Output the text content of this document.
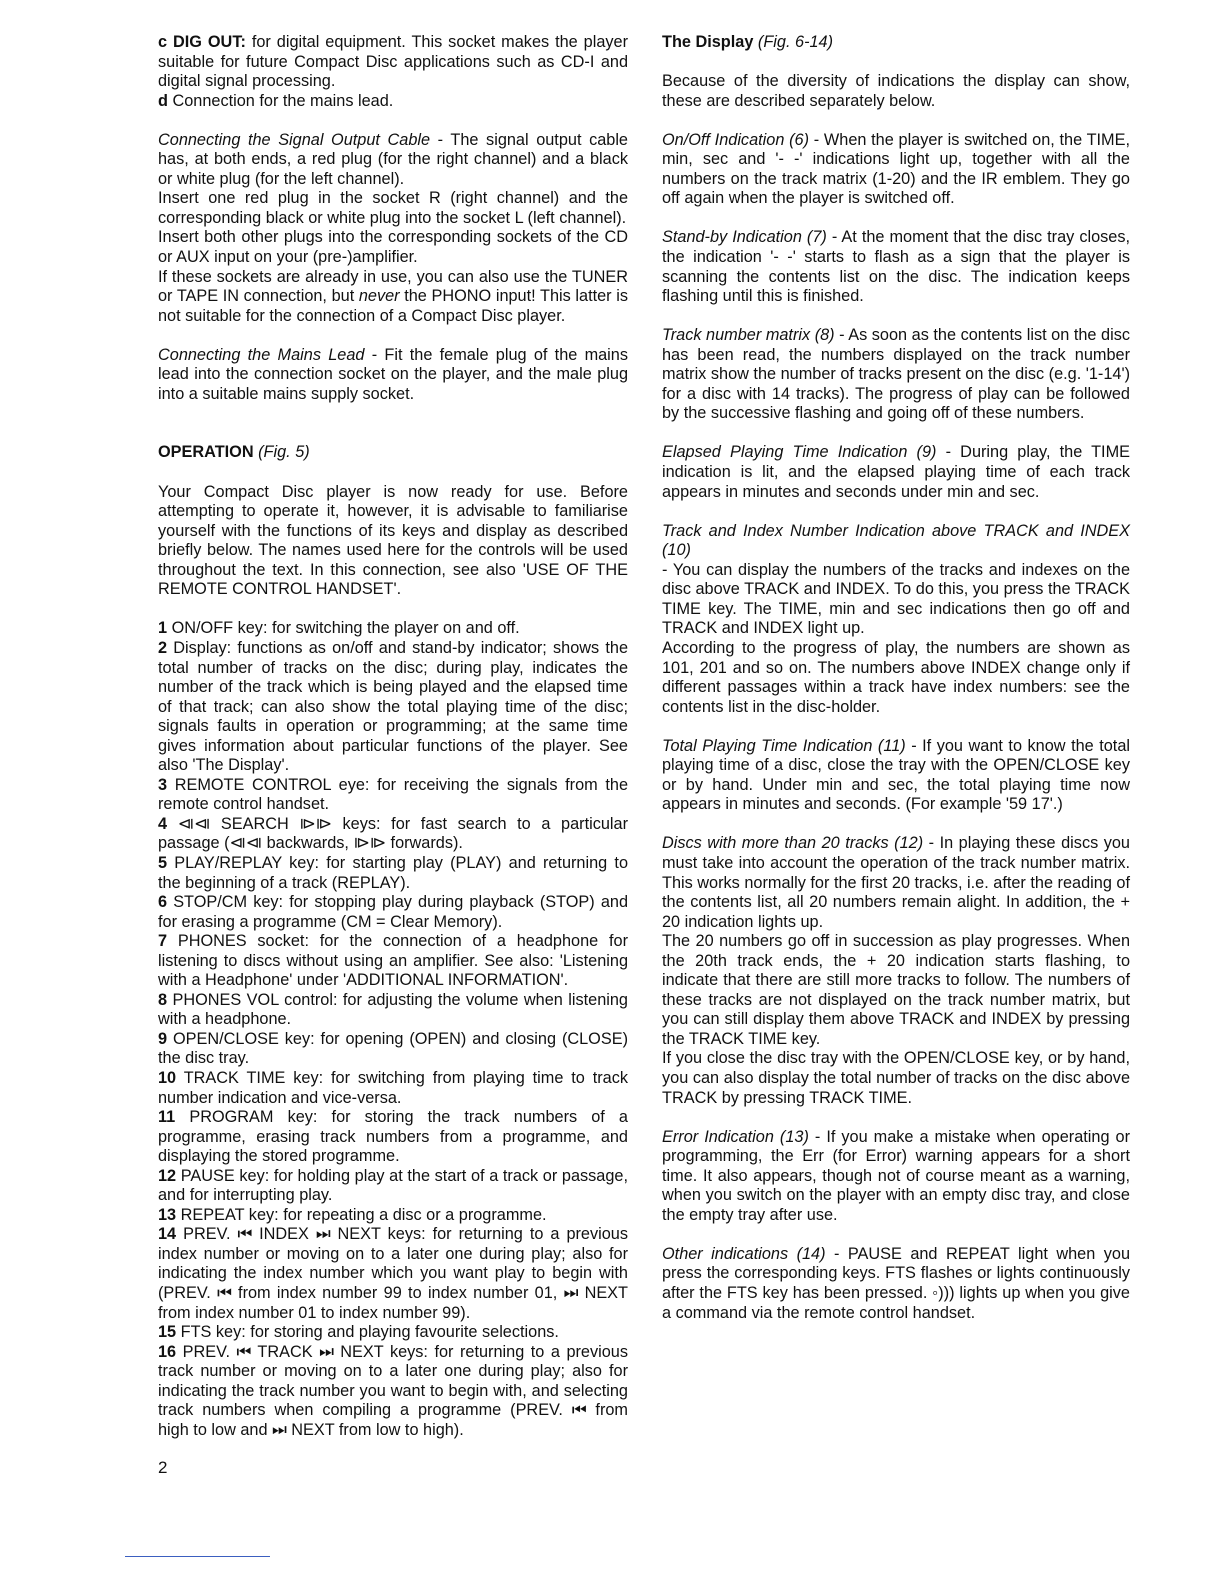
c DIG OUT: for digital equipment. This socket makes the player suitable for future Compact Disc applications such as CD-I and digital signal processing.

d Connection for the mains lead.

Connecting the Signal Output Cable - The signal output cable has, at both ends, a red plug (for the right channel) and a black or white plug (for the left channel).

Insert one red plug in the socket R (right channel) and the corresponding black or white plug into the socket L (left channel).

Insert both other plugs into the corresponding sockets of the CD or AUX input on your (pre-)amplifier.

If these sockets are already in use, you can also use the TUNER or TAPE IN connection, but never the PHONO input! This latter is not suitable for the connection of a Compact Disc player.

Connecting the Mains Lead - Fit the female plug of the mains lead into the connection socket on the player, and the male plug into a suitable mains supply socket.

OPERATION (Fig. 5)

Your Compact Disc player is now ready for use. Before attempting to operate it, however, it is advisable to familiarise yourself with the functions of its keys and display as described briefly below. The names used here for the controls will be used throughout the text. In this connection, see also 'USE OF THE REMOTE CONTROL HANDSET'.

1 ON/OFF key: for switching the player on and off.

2 Display: functions as on/off and stand-by indicator; shows the total number of tracks on the disc; during play, indicates the number of the track which is being played and the elapsed time of that track; can also show the total playing time of the disc; signals faults in operation or programming; at the same time gives information about particular functions of the player. See also 'The Display'.

3 REMOTE CONTROL eye: for receiving the signals from the remote control handset.

4 ⧏⧏ SEARCH ⧐⧐ keys: for fast search to a particular passage (⧏⧏ backwards, ⧐⧐ forwards).

5 PLAY/REPLAY key: for starting play (PLAY) and returning to the beginning of a track (REPLAY).

6 STOP/CM key: for stopping play during playback (STOP) and for erasing a programme (CM = Clear Memory).

7 PHONES socket: for the connection of a headphone for listening to discs without using an amplifier. See also: 'Listening with a Headphone' under 'ADDITIONAL INFORMATION'.

8 PHONES VOL control: for adjusting the volume when listening with a headphone.

9 OPEN/CLOSE key: for opening (OPEN) and closing (CLOSE) the disc tray.

10 TRACK TIME key: for switching from playing time to track number indication and vice-versa.

11 PROGRAM key: for storing the track numbers of a programme, erasing track numbers from a programme, and displaying the stored programme.

12 PAUSE key: for holding play at the start of a track or passage, and for interrupting play.

13 REPEAT key: for repeating a disc or a programme.

14 PREV. ⏮ INDEX ⏭ NEXT keys: for returning to a previous index number or moving on to a later one during play; also for indicating the index number which you want play to begin with (PREV. ⏮ from index number 99 to index number 01, ⏭ NEXT from index number 01 to index number 99).

15 FTS key: for storing and playing favourite selections.

16 PREV. ⏮ TRACK ⏭ NEXT keys: for returning to a previous track number or moving on to a later one during play; also for indicating the track number you want to begin with, and selecting track numbers when compiling a programme (PREV. ⏮ from high to low and ⏭ NEXT from low to high).

The Display (Fig. 6-14)

Because of the diversity of indications the display can show, these are described separately below.

On/Off Indication (6) - When the player is switched on, the TIME, min, sec and '- -' indications light up, together with all the numbers on the track matrix (1-20) and the IR emblem. They go off again when the player is switched off.

Stand-by Indication (7) - At the moment that the disc tray closes, the indication '- -' starts to flash as a sign that the player is scanning the contents list on the disc. The indication keeps flashing until this is finished.

Track number matrix (8) - As soon as the contents list on the disc has been read, the numbers displayed on the track number matrix show the number of tracks present on the disc (e.g. '1-14') for a disc with 14 tracks). The progress of play can be followed by the successive flashing and going off of these numbers.

Elapsed Playing Time Indication (9) - During play, the TIME indication is lit, and the elapsed playing time of each track appears in minutes and seconds under min and sec.

Track and Index Number Indication above TRACK and INDEX (10)

- You can display the numbers of the tracks and indexes on the disc above TRACK and INDEX. To do this, you press the TRACK TIME key. The TIME, min and sec indications then go off and TRACK and INDEX light up.

According to the progress of play, the numbers are shown as 101, 201 and so on. The numbers above INDEX change only if different passages within a track have index numbers: see the contents list in the disc-holder.

Total Playing Time Indication (11) - If you want to know the total playing time of a disc, close the tray with the OPEN/CLOSE key or by hand. Under min and sec, the total playing time now appears in minutes and seconds. (For example '59 17'.)

Discs with more than 20 tracks (12) - In playing these discs you must take into account the operation of the track number matrix. This works normally for the first 20 tracks, i.e. after the reading of the contents list, all 20 numbers remain alight. In addition, the + 20 indication lights up.

The 20 numbers go off in succession as play progresses. When the 20th track ends, the + 20 indication starts flashing, to indicate that there are still more tracks to follow. The numbers of these tracks are not displayed on the track number matrix, but you can still display them above TRACK and INDEX by pressing the TRACK TIME key.

If you close the disc tray with the OPEN/CLOSE key, or by hand, you can also display the total number of tracks on the disc above TRACK by pressing TRACK TIME.

Error Indication (13) - If you make a mistake when operating or programming, the Err (for Error) warning appears for a short time. It also appears, though not of course meant as a warning, when you switch on the player with an empty disc tray, and close the empty tray after use.

Other indications (14) - PAUSE and REPEAT light when you press the corresponding keys. FTS flashes or lights continuously after the FTS key has been pressed. ◦))) lights up when you give a command via the remote control handset.

2
